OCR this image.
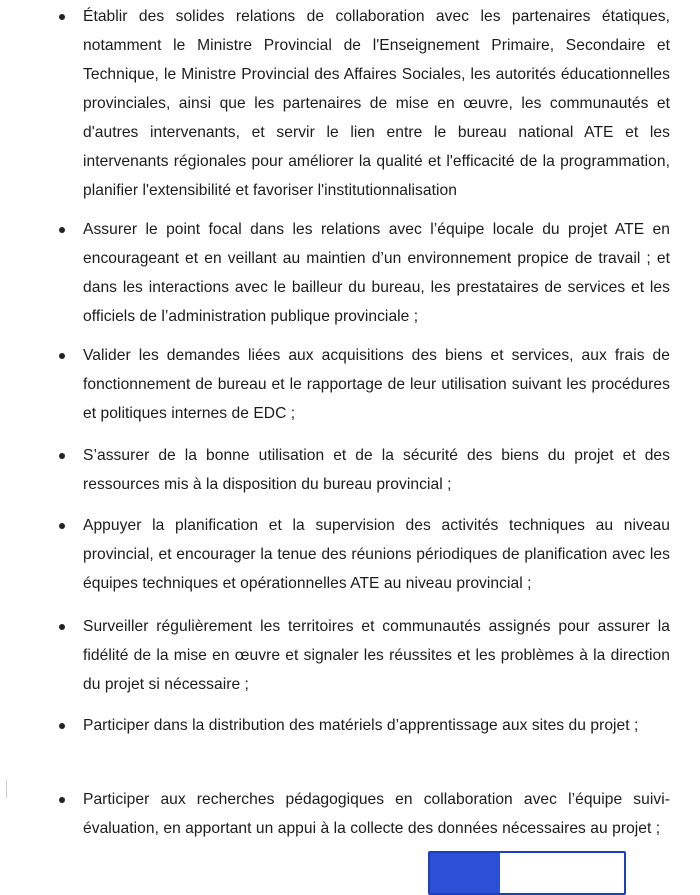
Établir des solides relations de collaboration avec les partenaires étatiques, notamment le Ministre Provincial de l'Enseignement Primaire, Secondaire et Technique, le Ministre Provincial des Affaires Sociales, les autorités éducationnelles provinciales, ainsi que les partenaires de mise en œuvre, les communautés et d'autres intervenants, et servir le lien entre le bureau national ATE et les intervenants régionales pour améliorer la qualité et l'efficacité de la programmation, planifier l'extensibilité et favoriser l'institutionnalisation
Assurer le point focal dans les relations avec l’équipe locale du projet ATE en encourageant et en veillant au maintien d’un environnement propice de travail ; et dans les interactions avec le bailleur du bureau, les prestataires de services et les officiels de l’administration publique provinciale ;
Valider les demandes liées aux acquisitions des biens et services, aux frais de fonctionnement de bureau et le rapportage de leur utilisation suivant les procédures et politiques internes de EDC ;
S’assurer de la bonne utilisation et de la sécurité des biens du projet et des ressources mis à la disposition du bureau provincial ;
Appuyer la planification et la supervision des activités techniques au niveau provincial, et encourager la tenue des réunions périodiques de planification avec les équipes techniques et opérationnelles ATE au niveau provincial ;
Surveiller régulièrement les territoires et communautés assignés pour assurer la fidélité de la mise en œuvre et signaler les réussites et les problèmes à la direction du projet si nécessaire ;
Participer dans la distribution des matériels d’apprentissage aux sites du projet ;
Participer aux recherches pédagogiques en collaboration avec l’équipe suivi-évaluation, en apportant un appui à la collecte des données nécessaires au projet ;
